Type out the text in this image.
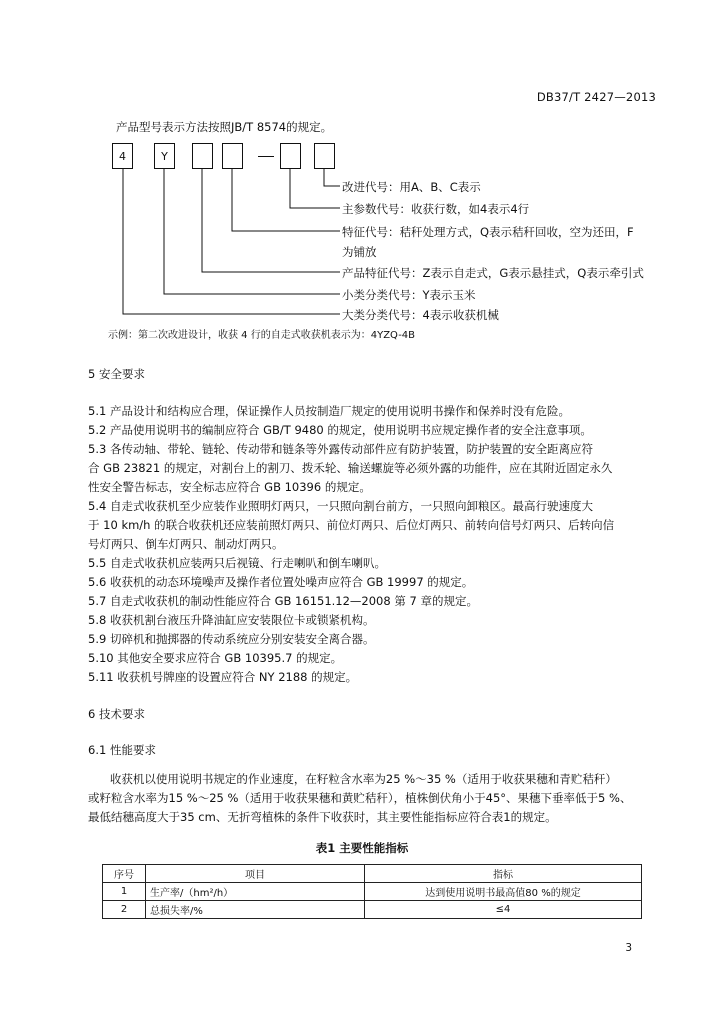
DB37/T 2427—2013
产品型号表示方法按照JB/T 8574的规定。
4	Y
改进代号：用A、B、C表示
主参数代号：收获行数，如4表示4行
特征代号：秸秆处理方式，Q表示秸秆回收，空为还田，F
为铺放
产品特征代号：Z表示自走式，G表示悬挂式，Q表示牵引式
小类分类代号：Y表示玉米
大类分类代号：4表示收获机械
示例：第二次改进设计，收获 4 行的自走式收获机表示为：4YZQ-4B
5 安全要求
5.1 产品设计和结构应合理，保证操作人员按制造厂规定的使用说明书操作和保养时没有危险。
5.2 产品使用说明书的编制应符合 GB/T 9480 的规定，使用说明书应规定操作者的安全注意事项。
5.3 各传动轴、带轮、链轮、传动带和链条等外露传动部件应有防护装置，防护装置的安全距离应符
合 GB 23821 的规定，对割台上的割刀、拨禾轮、输送螺旋等必须外露的功能件，应在其附近固定永久
性安全警告标志，安全标志应符合 GB 10396 的规定。
5.4 自走式收获机至少应装作业照明灯两只，一只照向割台前方，一只照向卸粮区。最高行驶速度大
于 10 km/h 的联合收获机还应装前照灯两只、前位灯两只、后位灯两只、前转向信号灯两只、后转向信
号灯两只、倒车灯两只、制动灯两只。
5.5 自走式收获机应装两只后视镜、行走喇叭和倒车喇叭。
5.6 收获机的动态环境噪声及操作者位置处噪声应符合 GB 19997 的规定。
5.7 自走式收获机的制动性能应符合 GB 16151.12—2008 第 7 章的规定。
5.8 收获机割台液压升降油缸应安装限位卡或锁紧机构。
5.9 切碎机和抛掷器的传动系统应分别安装安全离合器。
5.10 其他安全要求应符合 GB 10395.7 的规定。
5.11 收获机号牌座的设置应符合 NY 2188 的规定。
6 技术要求
6.1 性能要求
收获机以使用说明书规定的作业速度，在籽粒含水率为25 %～35 %（适用于收获果穗和青贮秸秆）
或籽粒含水率为15 %～25 %（适用于收获果穗和黄贮秸秆），植株倒伏角小于45°、果穗下垂率低于5 %、
最低结穗高度大于35 cm、无折弯植株的条件下收获时，其主要性能指标应符合表1的规定。
表1 主要性能指标
序号	项目	指标
1	生产率/（hm²/h）	达到使用说明书最高值80 %的规定
2	总损失率/%	≤4
3
